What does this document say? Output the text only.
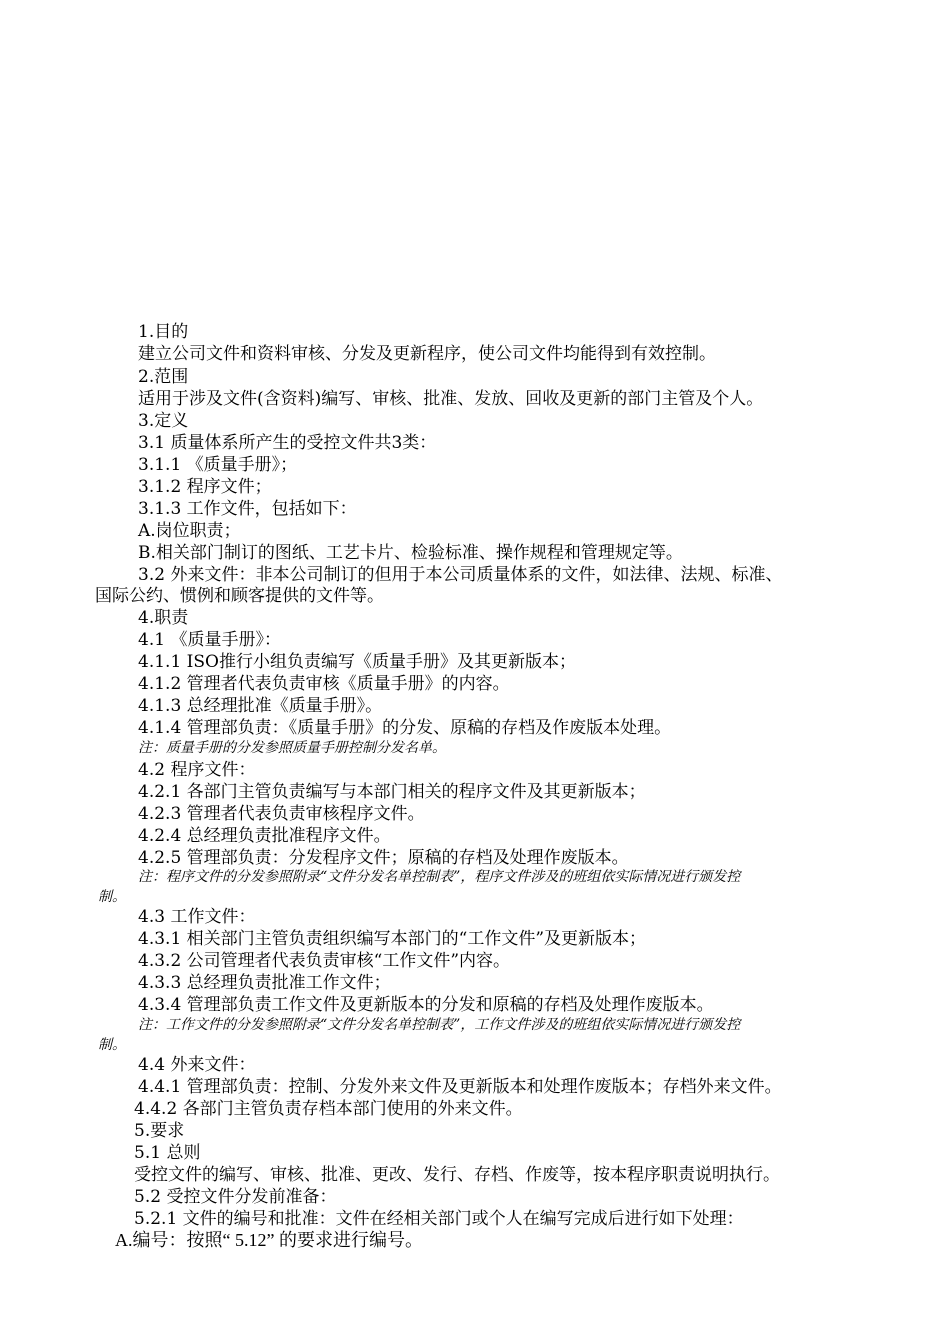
1.目的
建立公司文件和资料审核、分发及更新程序，使公司文件均能得到有效控制。
2.范围
适用于涉及文件(含资料)编写、审核、批准、发放、回收及更新的部门主管及个人。
3.定义
3.1 质量体系所产生的受控文件共3类：
3.1.1 《质量手册》；
3.1.2 程序文件；
3.1.3 工作文件，包括如下：
A.岗位职责；
B.相关部门制订的图纸、工艺卡片、检验标准、操作规程和管理规定等。
3.2 外来文件：非本公司制订的但用于本公司质量体系的文件，如法律、法规、标准、
国际公约、惯例和顾客提供的文件等。
4.职责
4.1 《质量手册》：
4.1.1 ISO推行小组负责编写《质量手册》及其更新版本；
4.1.2 管理者代表负责审核《质量手册》的内容。
4.1.3 总经理批准《质量手册》。
4.1.4 管理部负责：《质量手册》的分发、原稿的存档及作废版本处理。
注：质量手册的分发参照质量手册控制分发名单。
4.2 程序文件：
4.2.1 各部门主管负责编写与本部门相关的程序文件及其更新版本；
4.2.3 管理者代表负责审核程序文件。
4.2.4 总经理负责批准程序文件。
4.2.5 管理部负责：分发程序文件；原稿的存档及处理作废版本。
注：程序文件的分发参照附录“文件分发名单控制表”，程序文件涉及的班组依实际情况进行颁发控
制。
4.3 工作文件：
4.3.1 相关部门主管负责组织编写本部门的“工作文件”及更新版本；
4.3.2 公司管理者代表负责审核“工作文件”内容。
4.3.3 总经理负责批准工作文件；
4.3.4 管理部负责工作文件及更新版本的分发和原稿的存档及处理作废版本。
注：工作文件的分发参照附录“文件分发名单控制表”，工作文件涉及的班组依实际情况进行颁发控
制。
4.4 外来文件：
4.4.1 管理部负责：控制、分发外来文件及更新版本和处理作废版本；存档外来文件。
4.4.2 各部门主管负责存档本部门使用的外来文件。
5.要求
5.1 总则
受控文件的编写、审核、批准、更改、发行、存档、作废等，按本程序职责说明执行。
5.2 受控文件分发前准备：
5.2.1 文件的编号和批准：文件在经相关部门或个人在编写完成后进行如下处理：
A.编号：按照“ 5.12” 的要求进行编号。
